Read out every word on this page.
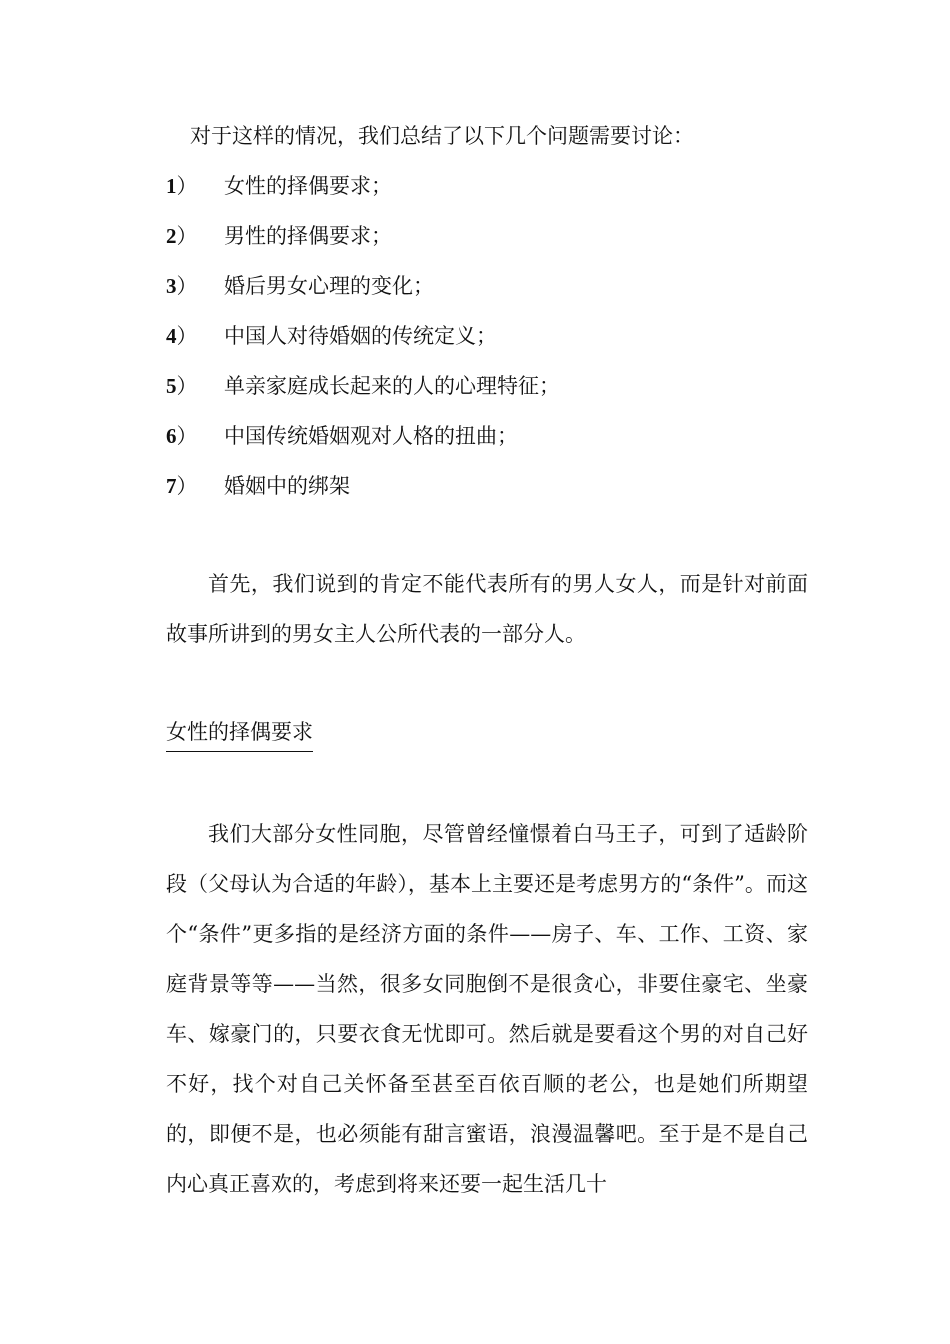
对于这样的情况，我们总结了以下几个问题需要讨论：
1） 女性的择偶要求；
2） 男性的择偶要求；
3） 婚后男女心理的变化；
4） 中国人对待婚姻的传统定义；
5） 单亲家庭成长起来的人的心理特征；
6） 中国传统婚姻观对人格的扭曲；
7） 婚姻中的绑架

首先，我们说到的肯定不能代表所有的男人女人，而是针对前面故事所讲到的男女主人公所代表的一部分人。

女性的择偶要求

我们大部分女性同胞，尽管曾经憧憬着白马王子，可到了适龄阶段（父母认为合适的年龄），基本上主要还是考虑男方的“条件”。而这个“条件”更多指的是经济方面的条件——房子、车、工作、工资、家庭背景等等——当然，很多女同胞倒不是很贪心，非要住豪宅、坐豪车、嫁豪门的，只要衣食无忧即可。然后就是要看这个男的对自己好不好，找个对自己关怀备至甚至百依百顺的老公，也是她们所期望的，即便不是，也必须能有甜言蜜语，浪漫温馨吧。至于是不是自己内心真正喜欢的，考虑到将来还要一起生活几十
